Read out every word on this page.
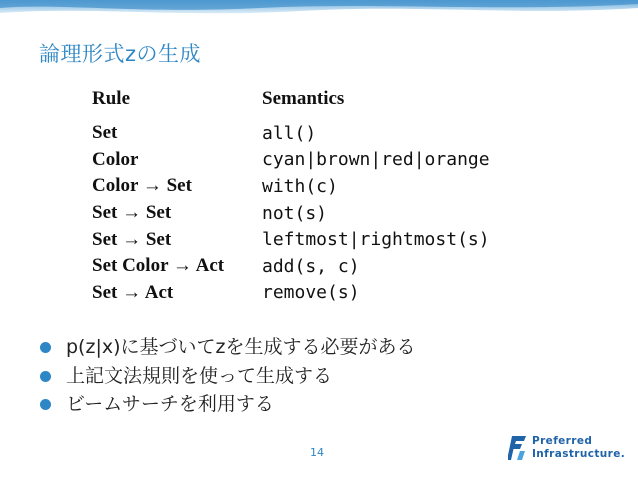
論理形式zの生成
Rule	Semantics
Set	all()
Color	cyan|brown|red|orange
Color → Set	with(c)
Set → Set	not(s)
Set → Set	leftmost|rightmost(s)
Set Color → Act	add(s, c)
Set → Act	remove(s)
p(z|x)に基づいてzを生成する必要がある
上記文法規則を使って生成する
ビームサーチを利用する
14
Preferred
Infrastructure.
